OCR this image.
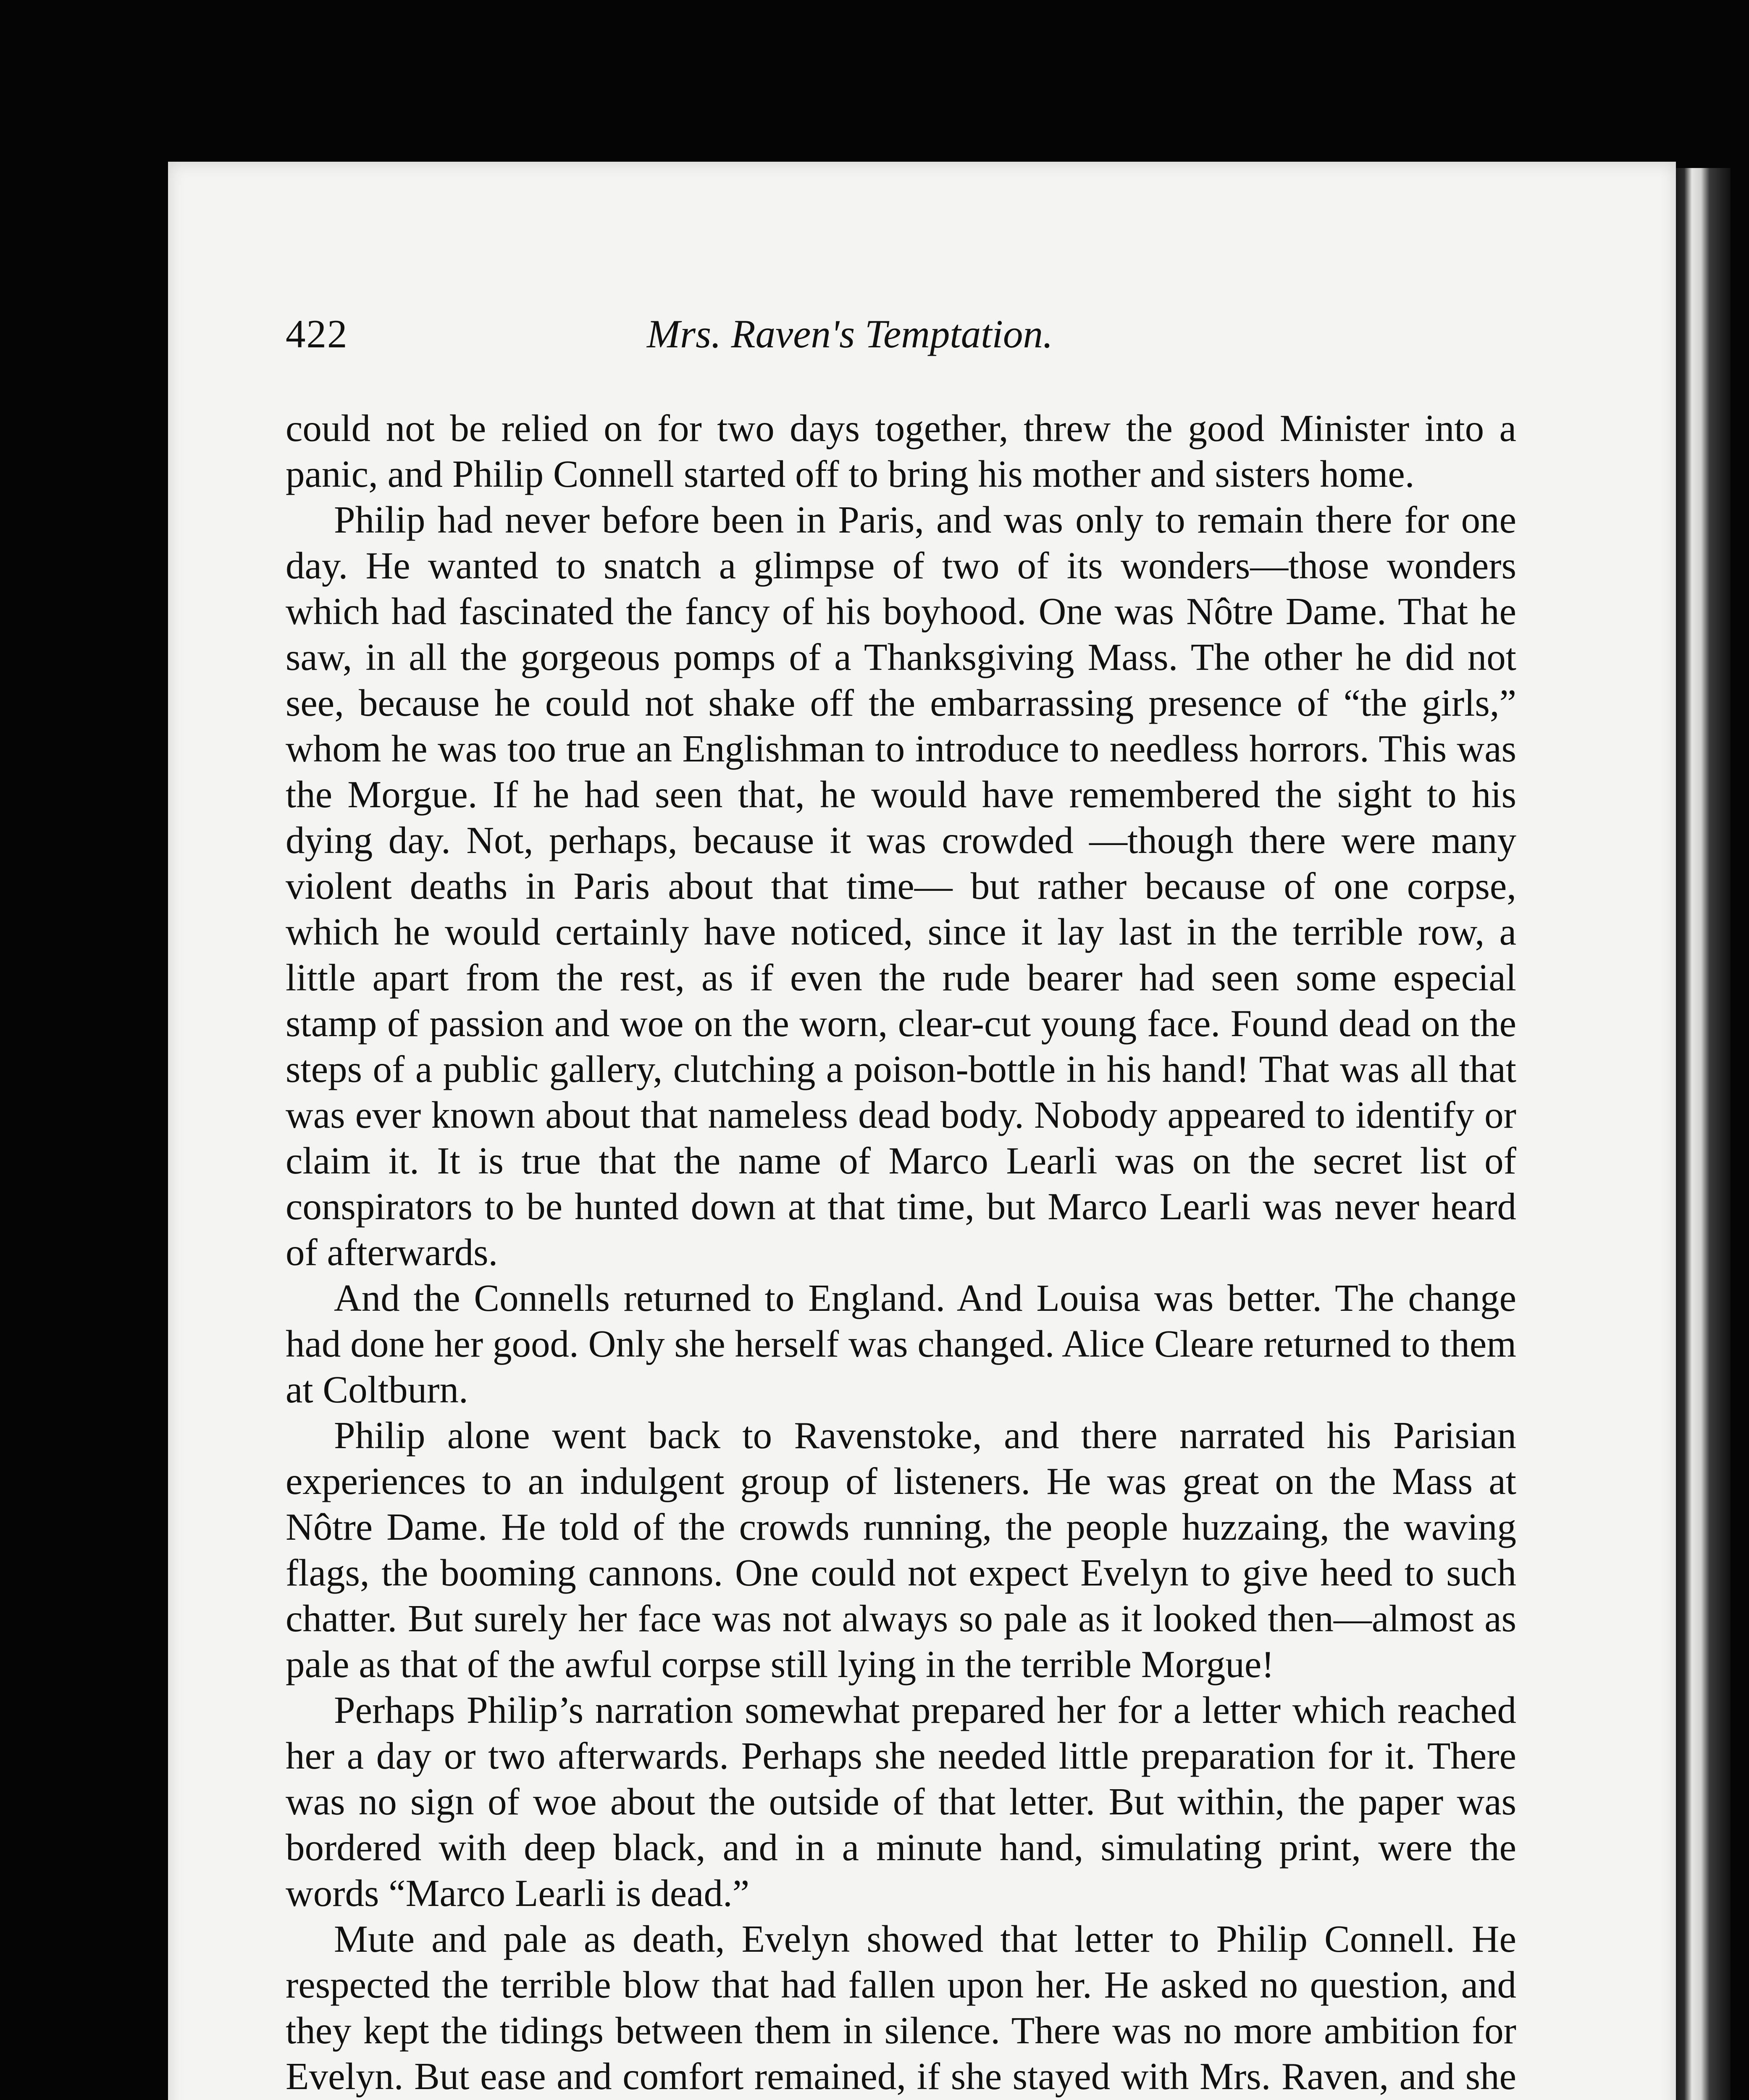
422	Mrs. Raven's Temptation.

could not be relied on for two days together, threw the good Minister into a panic, and Philip Connell started off to bring his mother and sisters home.

Philip had never before been in Paris, and was only to remain there for one day. He wanted to snatch a glimpse of two of its wonders—those wonders which had fascinated the fancy of his boyhood. One was Nôtre Dame. That he saw, in all the gorgeous pomps of a Thanksgiving Mass. The other he did not see, because he could not shake off the embarrassing presence of “the girls,” whom he was too true an Englishman to introduce to needless horrors. This was the Morgue. If he had seen that, he would have remembered the sight to his dying day. Not, perhaps, because it was crowded —though there were many violent deaths in Paris about that time— but rather because of one corpse, which he would certainly have noticed, since it lay last in the terrible row, a little apart from the rest, as if even the rude bearer had seen some especial stamp of passion and woe on the worn, clear-cut young face. Found dead on the steps of a public gallery, clutching a poison-bottle in his hand! That was all that was ever known about that nameless dead body. Nobody appeared to identify or claim it. It is true that the name of Marco Learli was on the secret list of conspirators to be hunted down at that time, but Marco Learli was never heard of afterwards.

And the Connells returned to England. And Louisa was better. The change had done her good. Only she herself was changed. Alice Cleare returned to them at Coltburn.

Philip alone went back to Ravenstoke, and there narrated his Parisian experiences to an indulgent group of listeners. He was great on the Mass at Nôtre Dame. He told of the crowds running, the people huzzaing, the waving flags, the booming cannons. One could not expect Evelyn to give heed to such chatter. But surely her face was not always so pale as it looked then—almost as pale as that of the awful corpse still lying in the terrible Morgue!

Perhaps Philip’s narration somewhat prepared her for a letter which reached her a day or two afterwards. Perhaps she needed little preparation for it. There was no sign of woe about the outside of that letter. But within, the paper was bordered with deep black, and in a minute hand, simulating print, were the words “Marco Learli is dead.”

Mute and pale as death, Evelyn showed that letter to Philip Connell. He respected the terrible blow that had fallen upon her. He asked no question, and they kept the tidings between them in silence. There was no more ambition for Evelyn. But ease and comfort remained, if she stayed with Mrs. Raven, and she
